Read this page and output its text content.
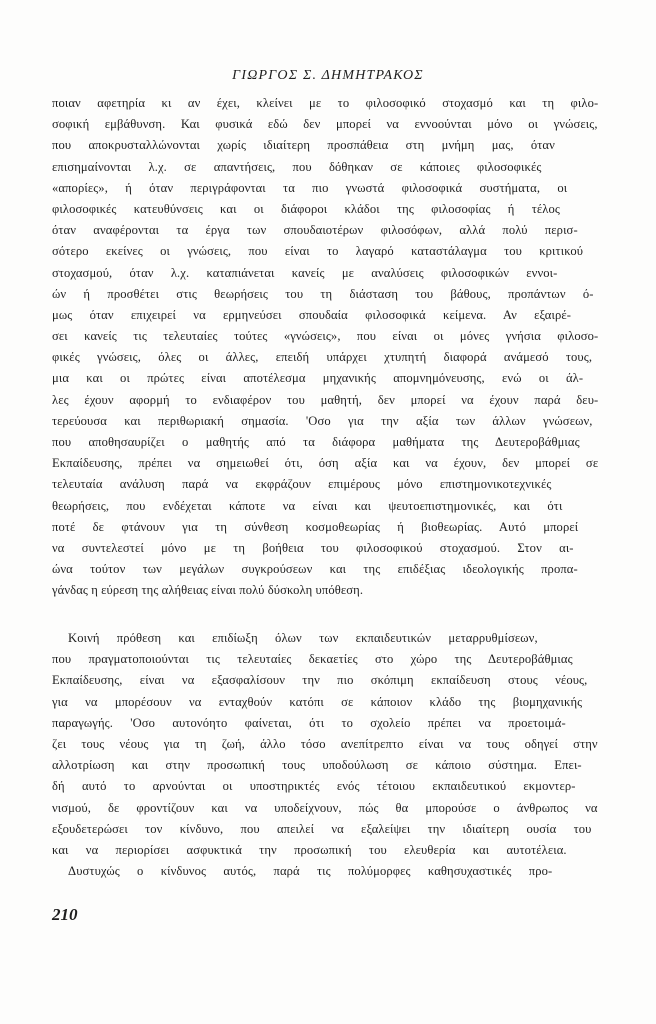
ΓΙΩΡΓΟΣ Σ. ΔΗΜΗΤΡΑΚΟΣ
ποιαν αφετηρία κι αν έχει, κλείνει με το φιλοσοφικό στοχασμό και τη φιλο-
σοφική εμβάθυνση. Και φυσικά εδώ δεν μπορεί να εννοούνται μόνο οι γνώσεις,
που αποκρυσταλλώνονται χωρίς ιδιαίτερη προσπάθεια στη μνήμη μας, όταν
επισημαίνονται λ.χ. σε απαντήσεις, που δόθηκαν σε κάποιες φιλοσοφικές
«απορίες», ή όταν περιγράφονται τα πιο γνωστά φιλοσοφικά συστήματα, οι
φιλοσοφικές κατευθύνσεις και οι διάφοροι κλάδοι της φιλοσοφίας ή τέλος
όταν αναφέρονται τα έργα των σπουδαιοτέρων φιλοσόφων, αλλά πολύ περισ-
σότερο εκείνες οι γνώσεις, που είναι το λαγαρό καταστάλαγμα του κριτικού
στοχασμού, όταν λ.χ. καταπιάνεται κανείς με αναλύσεις φιλοσοφικών εννοι-
ών ή προσθέτει στις θεωρήσεις του τη διάσταση του βάθους, προπάντων ό-
μως όταν επιχειρεί να ερμηνεύσει σπουδαία φιλοσοφικά κείμενα. Αν εξαιρέ-
σει κανείς τις τελευταίες τούτες «γνώσεις», που είναι οι μόνες γνήσια φιλοσο-
φικές γνώσεις, όλες οι άλλες, επειδή υπάρχει χτυπητή διαφορά ανάμεσό τους,
μια και οι πρώτες είναι αποτέλεσμα μηχανικής απομνημόνευσης, ενώ οι άλ-
λες έχουν αφορμή το ενδιαφέρον του μαθητή, δεν μπορεί να έχουν παρά δευ-
τερεύουσα και περιθωριακή σημασία. 'Οσο για την αξία των άλλων γνώσεων,
που αποθησαυρίζει ο μαθητής από τα διάφορα μαθήματα της Δευτεροβάθμιας
Εκπαίδευσης, πρέπει να σημειωθεί ότι, όση αξία και να έχουν, δεν μπορεί σε
τελευταία ανάλυση παρά να εκφράζουν επιμέρους μόνο επιστημονικοτεχνικές
θεωρήσεις, που ενδέχεται κάποτε να είναι και ψευτοεπιστημονικές, και ότι
ποτέ δε φτάνουν για τη σύνθεση κοσμοθεωρίας ή βιοθεωρίας. Αυτό μπορεί
να συντελεστεί μόνο με τη βοήθεια του φιλοσοφικού στοχασμού. Στον αι-
ώνα τούτον των μεγάλων συγκρούσεων και της επιδέξιας ιδεολογικής προπα-
γάνδας η εύρεση της αλήθειας είναι πολύ δύσκολη υπόθεση.
Κοινή πρόθεση και επιδίωξη όλων των εκπαιδευτικών μεταρρυθμίσεων,
που πραγματοποιούνται τις τελευταίες δεκαετίες στο χώρο της Δευτεροβάθμιας
Εκπαίδευσης, είναι να εξασφαλίσουν την πιο σκόπιμη εκπαίδευση στους νέους,
για να μπορέσουν να ενταχθούν κατόπι σε κάποιον κλάδο της βιομηχανικής
παραγωγής. 'Οσο αυτονόητο φαίνεται, ότι το σχολείο πρέπει να προετοιμά-
ζει τους νέους για τη ζωή, άλλο τόσο ανεπίτρεπτο είναι να τους οδηγεί στην
αλλοτρίωση και στην προσωπική τους υποδούλωση σε κάποιο σύστημα. Επει-
δή αυτό το αρνούνται οι υποστηρικτές ενός τέτοιου εκπαιδευτικού εκμοντερ-
νισμού, δε φροντίζουν και να υποδείχνουν, πώς θα μπορούσε ο άνθρωπος να
εξουδετερώσει τον κίνδυνο, που απειλεί να εξαλείψει την ιδιαίτερη ουσία του
και να περιορίσει ασφυκτικά την προσωπική του ελευθερία και αυτοτέλεια.
Δυστυχώς ο κίνδυνος αυτός, παρά τις πολύμορφες καθησυχαστικές προ-
210
